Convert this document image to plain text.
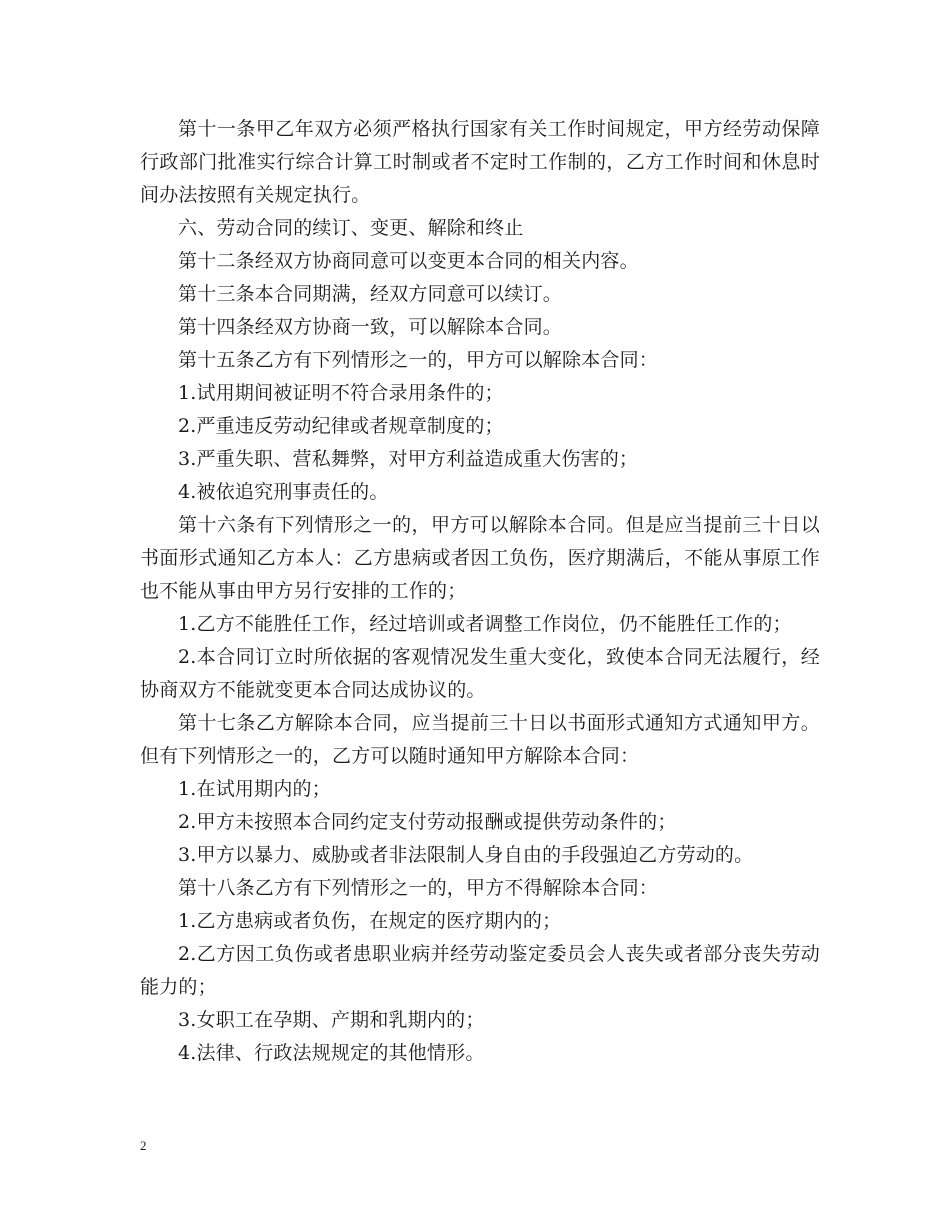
第十一条甲乙年双方必须严格执行国家有关工作时间规定，甲方经劳动保障行政部门批准实行综合计算工时制或者不定时工作制的，乙方工作时间和休息时间办法按照有关规定执行。

六、劳动合同的续订、变更、解除和终止

第十二条经双方协商同意可以变更本合同的相关内容。

第十三条本合同期满，经双方同意可以续订。

第十四条经双方协商一致，可以解除本合同。

第十五条乙方有下列情形之一的，甲方可以解除本合同：

1.试用期间被证明不符合录用条件的；

2.严重违反劳动纪律或者规章制度的；

3.严重失职、营私舞弊，对甲方利益造成重大伤害的；

4.被依追究刑事责任的。

第十六条有下列情形之一的，甲方可以解除本合同。但是应当提前三十日以书面形式通知乙方本人：乙方患病或者因工负伤，医疗期满后，不能从事原工作也不能从事由甲方另行安排的工作的；

1.乙方不能胜任工作，经过培训或者调整工作岗位，仍不能胜任工作的；

2.本合同订立时所依据的客观情况发生重大变化，致使本合同无法履行，经协商双方不能就变更本合同达成协议的。

第十七条乙方解除本合同，应当提前三十日以书面形式通知方式通知甲方。但有下列情形之一的，乙方可以随时通知甲方解除本合同：

1.在试用期内的；

2.甲方未按照本合同约定支付劳动报酬或提供劳动条件的；

3.甲方以暴力、威胁或者非法限制人身自由的手段强迫乙方劳动的。

第十八条乙方有下列情形之一的，甲方不得解除本合同：

1.乙方患病或者负伤，在规定的医疗期内的；

2.乙方因工负伤或者患职业病并经劳动鉴定委员会人丧失或者部分丧失劳动能力的；

3.女职工在孕期、产期和乳期内的；

4.法律、行政法规规定的其他情形。

2
